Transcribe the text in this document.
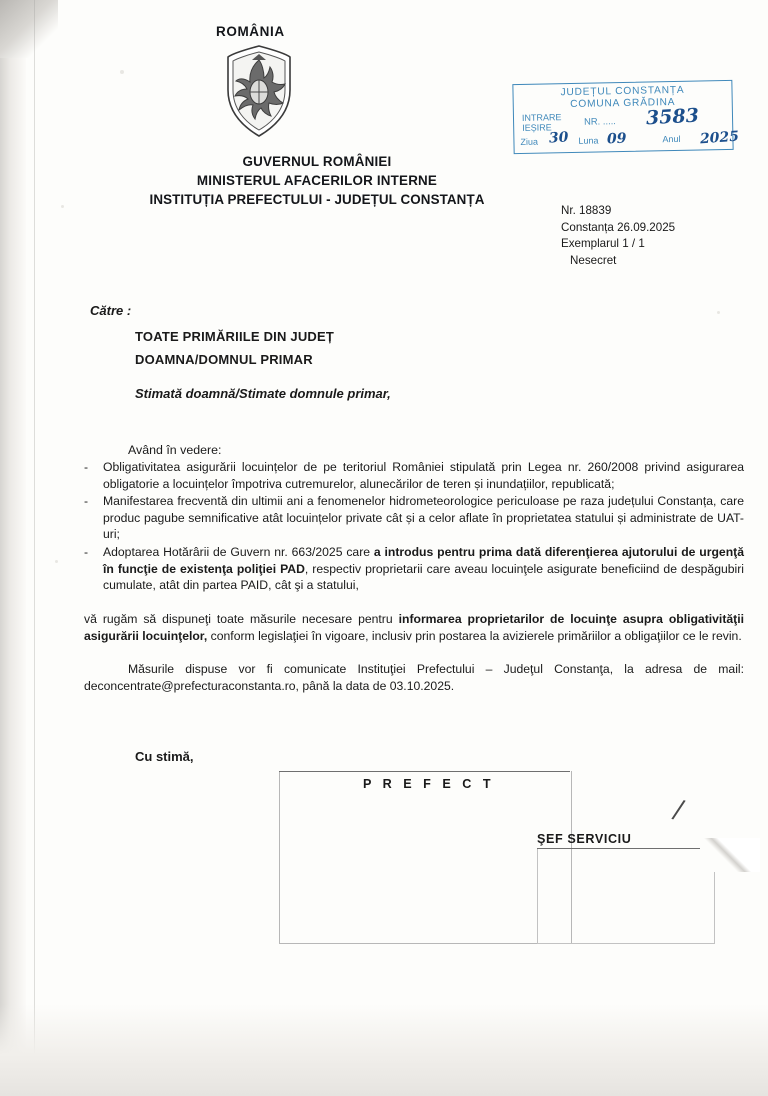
ROMÂNIA
GUVERNUL ROMÂNIEI
MINISTERUL AFACERILOR INTERNE
INSTITUȚIA PREFECTULUI - JUDEȚUL CONSTANȚA
JUDEȚUL CONSTANȚA
COMUNA GRĂDINA
INTRARE
IEȘIRE
NR. .....
Ziua	Luna	Anul
3583
30	09	2025
Nr. 18839
Constanța 26.09.2025
Exemplarul 1 / 1
Nesecret
Către :
TOATE PRIMĂRIILE DIN JUDEȚ
DOAMNA/DOMNUL PRIMAR
Stimată doamnă/Stimate domnule primar,
Având în vedere:
- Obligativitatea asigurării locuințelor de pe teritoriul României stipulată prin Legea nr. 260/2008 privind asigurarea obligatorie a locuințelor împotriva cutremurelor, alunecărilor de teren și inundațiilor, republicată;
- Manifestarea frecventă din ultimii ani a fenomenelor hidrometeorologice periculoase pe raza județului Constanța, care produc pagube semnificative atât locuințelor private cât și a celor aflate în proprietatea statului și administrate de UAT-uri;
- Adoptarea Hotărârii de Guvern nr. 663/2025 care a introdus pentru prima dată diferenţierea ajutorului de urgenţă în funcţie de existenţa poliţiei PAD, respectiv proprietarii care aveau locuinţele asigurate beneficiind de despăgubiri cumulate, atât din partea PAID, cât şi a statului,
vă rugăm să dispuneţi toate măsurile necesare pentru informarea proprietarilor de locuinţe asupra obligativităţii asigurării locuinţelor, conform legislaţiei în vigoare, inclusiv prin postarea la avizierele primăriilor a obligaţiilor ce le revin.
Măsurile dispuse vor fi comunicate Instituţiei Prefectului – Judeţul Constanţa, la adresa de mail: deconcentrate@prefecturaconstanta.ro, până la data de 03.10.2025.
Cu stimă,
P R E F E C T
ŞEF SERVICIU
/
